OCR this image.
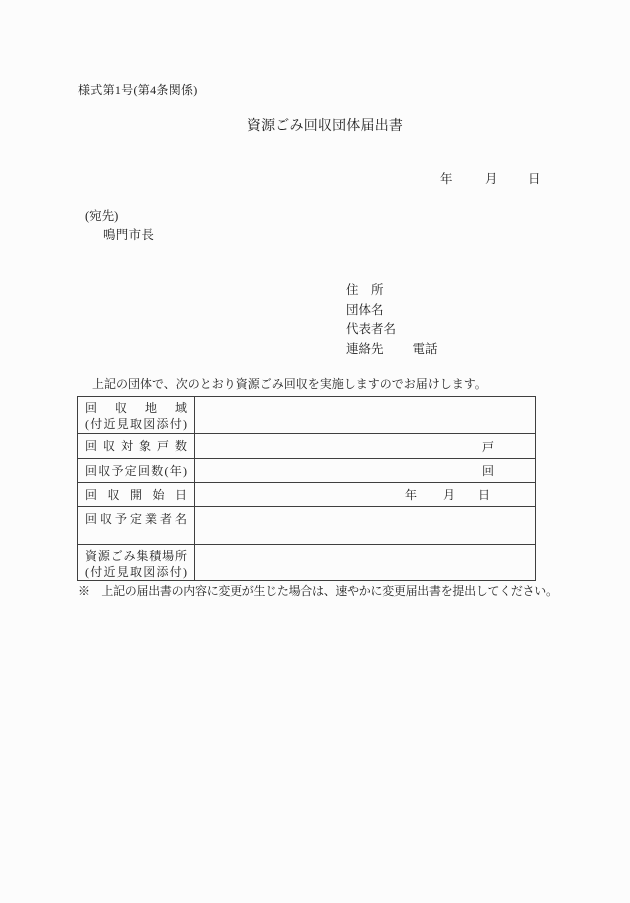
様式第1号(第4条関係)
資源ごみ回収団体届出書
年	月 日
(宛先)
鳴門市長
住　所
団体名
代表者名
連絡先 電話
上記の団体で、次のとおり資源ごみ回収を実施しますのでお届けします。
回収地域
(付近見取図添付)	

回収対象戸数	戸

回収予定回数(年)	回

回収開始日	年 月 日

回収予定業者名	

資源ごみ集積場所
(付近見取図添付)	

※　上記の届出書の内容に変更が生じた場合は、速やかに変更届出書を提出してください。
